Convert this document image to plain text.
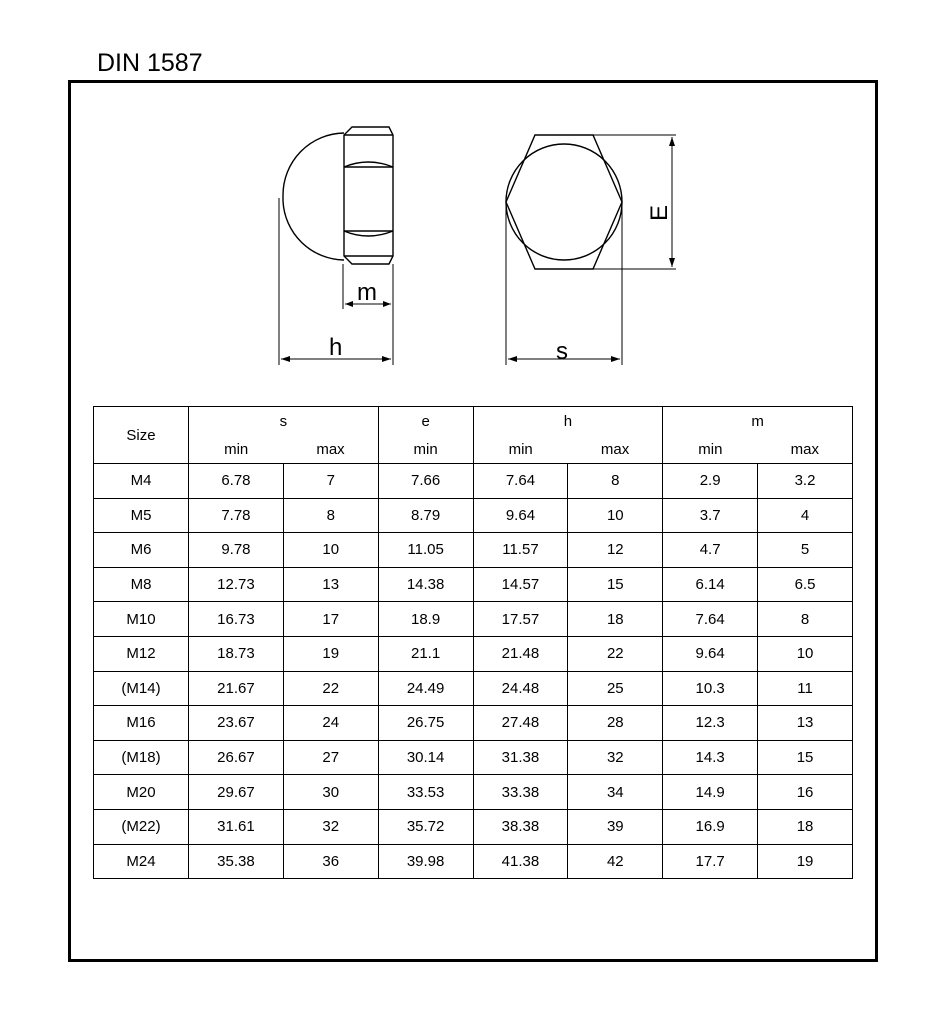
DIN 1587
m
h	s
E
Size	s		e	h		m	
	min	max	min	min	max	min	max
M4	6.78	7	7.66	7.64	8	2.9	3.2
M5	7.78	8	8.79	9.64	10	3.7	4
M6	9.78	10	11.05	11.57	12	4.7	5
M8	12.73	13	14.38	14.57	15	6.14	6.5
M10	16.73	17	18.9	17.57	18	7.64	8
M12	18.73	19	21.1	21.48	22	9.64	10
(M14)	21.67	22	24.49	24.48	25	10.3	11
M16	23.67	24	26.75	27.48	28	12.3	13
(M18)	26.67	27	30.14	31.38	32	14.3	15
M20	29.67	30	33.53	33.38	34	14.9	16
(M22)	31.61	32	35.72	38.38	39	16.9	18
M24	35.38	36	39.98	41.38	42	17.7	19
